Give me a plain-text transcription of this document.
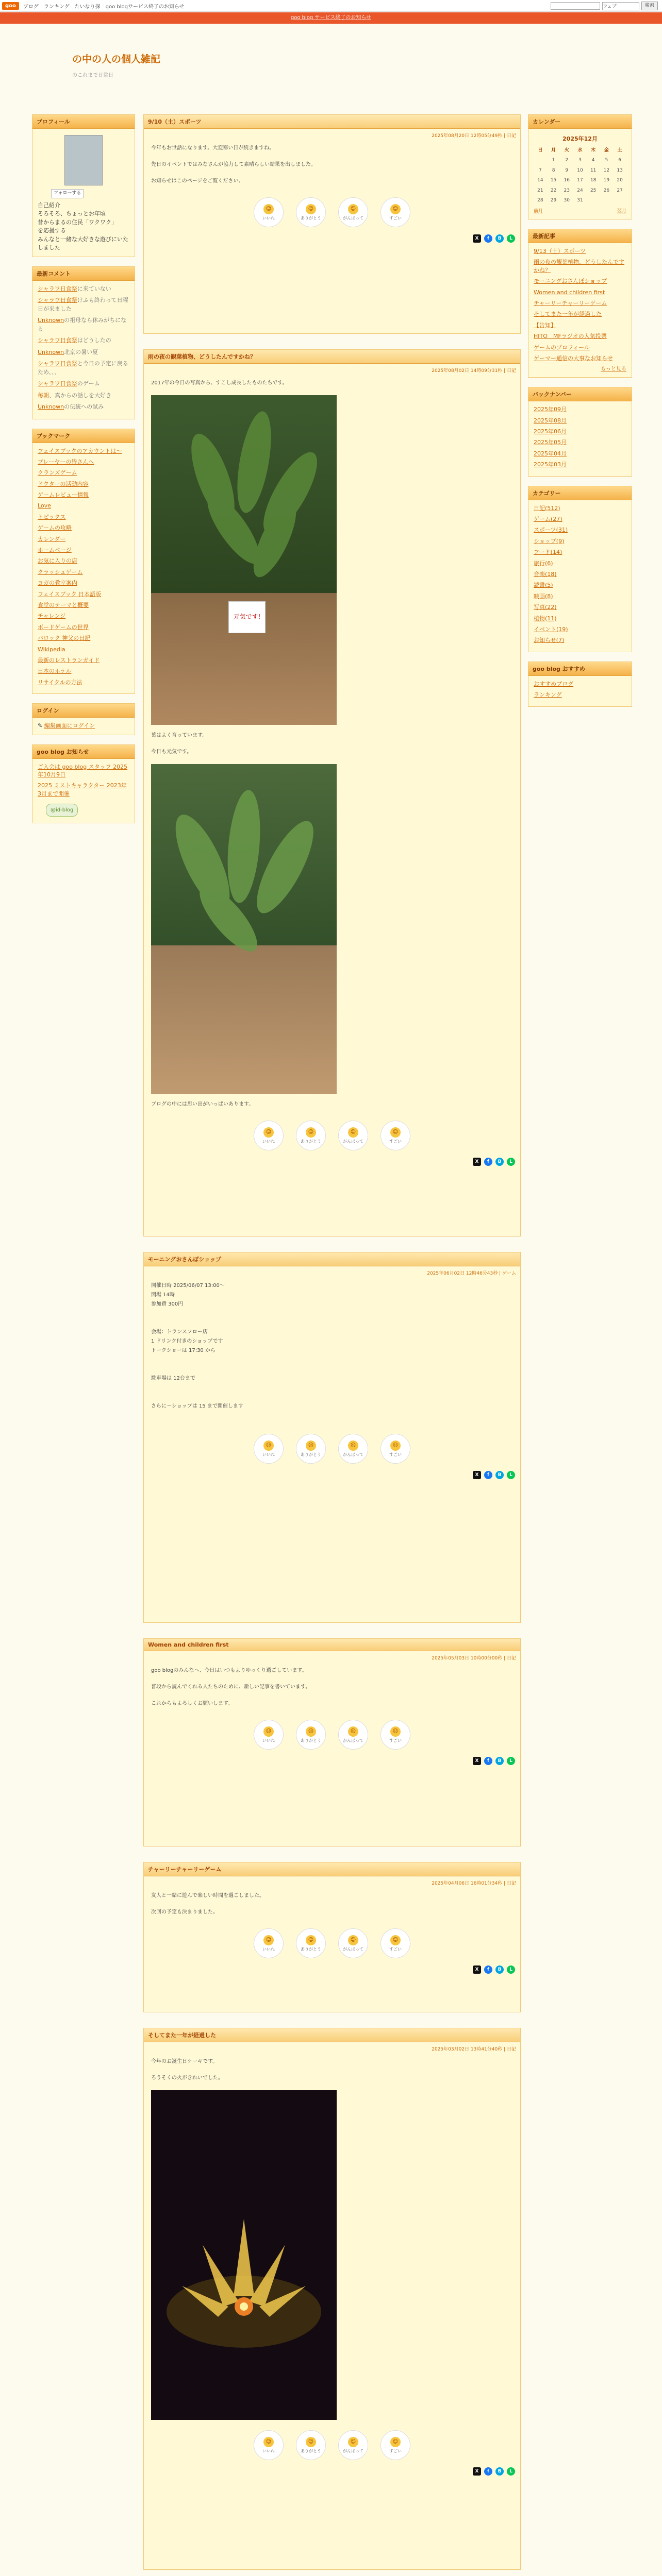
goo	ブログ ランキング たいなり探 goo blogサービス終了のお知らせ	ウェブ	検索
goo blog サービス終了のお知らせ
の中の人の個人雑記
のこれまで日常日
プロフィール
フォローする
自己紹介
そろそろ、ちょっとお年頃
昔からまるの住民「ワクワク」
を応援する
みんなと一緒な大好きな遊びにいたしました
最新コメント
シャラワ日食祭に来ていない
シャラワ日食祭けふも終わって日曜日が来ました
Unknownの祖母なら休みがちになる
シャラワ日食祭はどうしたの
Unknown北京の暑い夏
シャラワ日食祭と今日の予定に戻るため、、、
シャラワ日食祭のゲーム
毎朝、真からの話しを大好き
Unknownの伝統への試み
ブックマーク
フェイスブックのアカウントは〜
プレーヤーの皆さんへ
クランズゲーム
ドクターの活動内容
ゲームレビュー情報
Love
トピックス
ゲームの攻略
カレンダー
ホームページ
お気に入りの店
クラッシュゲーム
ヨガの教室案内
フェイスブック 日本語版
食堂のテーマと概要
チャレンジ
ボードゲームの世界
バロック 神父の日記
Wikipedia
最新のレストランガイド
日本のホテル
リサイクルの方法
ログイン
✎ 編集画面にログイン
goo blog お知らせ
ご入会は goo blog スタッフ 2025年10月9日
2025 ミストキャラクター 2023年3月まで開催
@id-blog
9/10（土）スポーツ
2025年08月20日 12時05分49秒 | 日記

今年もお世話になります。大変寒い日が続きますね。

先日のイベントではみなさんが協力して素晴らしい結果を出しました。

お知らせはこのページをご覧ください。

☺
いいね
☺
ありがとう
☺
がんばって
☺
すごい
X	f	B	L
雨の夜の観葉植物、どうしたんですかね？
2025年08月02日 14時09分31秒 | 日記

2017年の今日の写真から、すこし成長したものたちです。

元気です!

葉はよく育っています。

今日も元気です。

ブログの中には思い出がいっぱいあります。

☺
いいね
☺
ありがとう
☺
がんばって
☺
すごい
X	f	B	L
モーニングおさんぽショップ
2025年06月02日 12時46分43秒 | ゲーム

開催日時 2025/06/07 13:00〜

開場 14時

参加費 300円

会場：トランスフロー店

1 ドリンク付きのショップです

トークショーは 17:30 から

駐車場は 12台まで

さらに〜ショップは 15 まで開催します

☺
いいね
☺
ありがとう
☺
がんばって
☺
すごい
X	f	B	L
Women and children first
2025年05月03日 10時00分00秒 | 日記

goo blogのみんなへ、今日はいつもよりゆっくり過ごしています。

普段から読んでくれる人たちのために、新しい記事を書いています。

これからもよろしくお願いします。

☺
いいね
☺
ありがとう
☺
がんばって
☺
すごい
X	f	B	L
チャーリーチャーリーゲーム
2025年04月06日 16時01分34秒 | 日記

友人と一緒に遊んで楽しい時間を過ごしました。

次回の予定も決まりました。

☺
いいね
☺
ありがとう
☺
がんばって
☺
すごい
X	f	B	L
そしてまた一年が経過した
2025年03月02日 13時41分40秒 | 日記

今年のお誕生日ケーキです。

ろうそくの火がきれいでした。

☺
いいね
☺
ありがとう
☺
がんばって
☺
すごい
X	f	B	L

カレンダー
2025年12月
日	月	火	水	木	金	土
	1	2	3	4	5	6
7	8	9	10	11	12	13
14	15	16	17	18	19	20
21	22	23	24	25	26	27
28	29	30	31			
前月	翌月
最新記事
9/13（土）スポーツ
雨の夜の観葉植物、どうしたんですかね？
モーニングおさんぽショップ
Women and children first
チャーリーチャーリーゲーム
そしてまた一年が経過した
【告知】
HITO　MFラジオの人気投票
ゲームのプロフィール
ゲーマー通信の大事なお知らせ
もっと見る
バックナンバー
2025年09月
2025年08月
2025年06月
2025年05月
2025年04月
2025年03月
カテゴリー
日記(512)
ゲーム(27)
スポーツ(31)
ショップ(9)
フード(14)
旅行(6)
音楽(18)
読書(5)
映画(8)
写真(22)
植物(11)
イベント(19)
お知らせ(7)
goo blog おすすめ
おすすめブログ
ランキング
